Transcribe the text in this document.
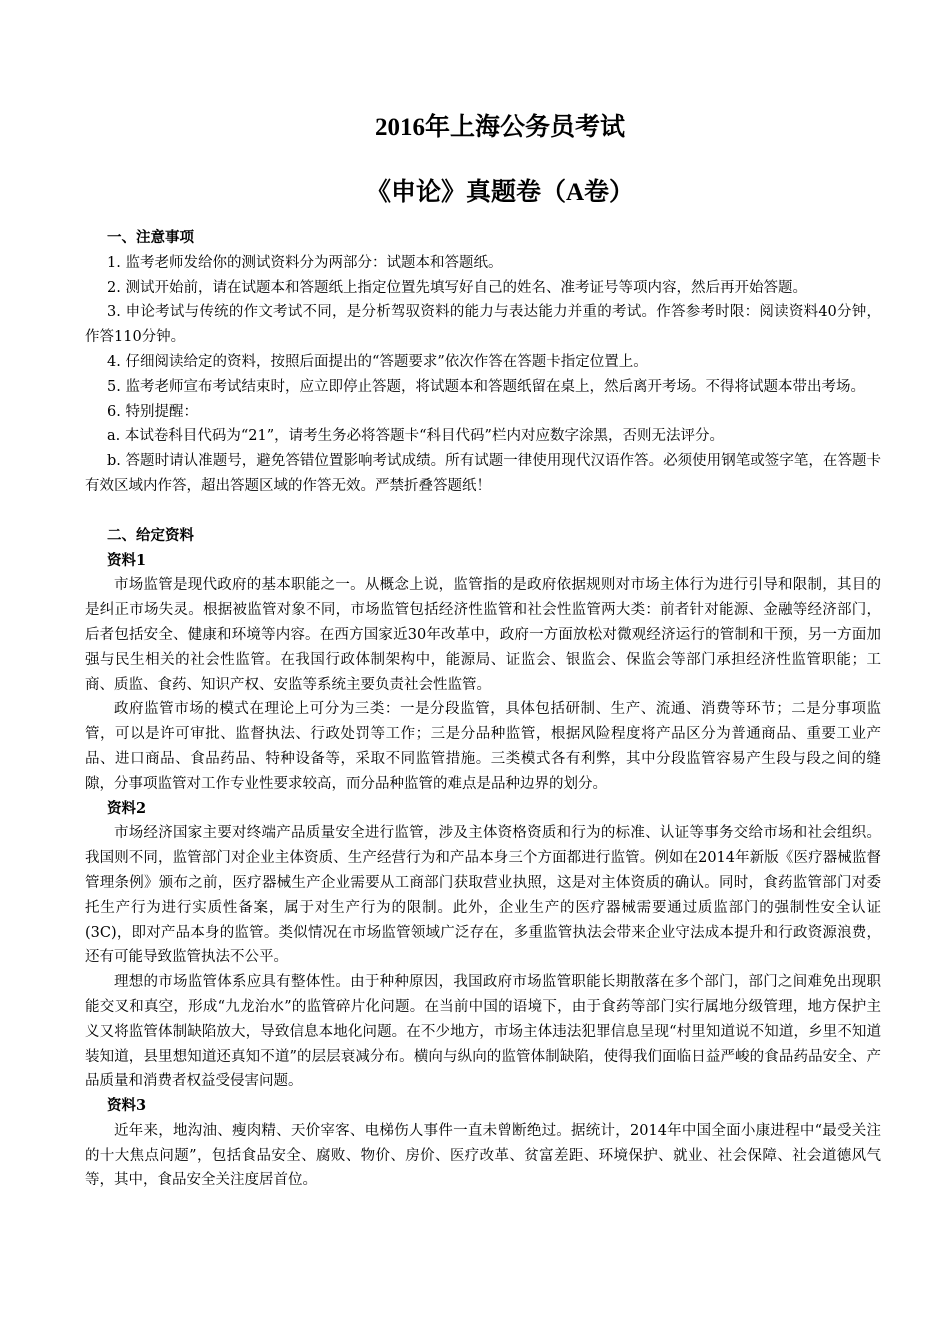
2016年上海公务员考试
《申论》真题卷（A卷）

一、注意事项

1. 监考老师发给你的测试资料分为两部分：试题本和答题纸。

2. 测试开始前，请在试题本和答题纸上指定位置先填写好自己的姓名、准考证号等项内容，然后再开始答题。

3. 申论考试与传统的作文考试不同，是分析驾驭资料的能力与表达能力并重的考试。作答参考时限：阅读资料40分钟，作答110分钟。

4. 仔细阅读给定的资料，按照后面提出的“答题要求”依次作答在答题卡指定位置上。

5. 监考老师宣布考试结束时，应立即停止答题，将试题本和答题纸留在桌上，然后离开考场。不得将试题本带出考场。

6. 特别提醒：

a. 本试卷科目代码为“21”，请考生务必将答题卡“科目代码”栏内对应数字涂黑，否则无法评分。

b. 答题时请认准题号，避免答错位置影响考试成绩。所有试题一律使用现代汉语作答。必须使用钢笔或签字笔，在答题卡有效区域内作答，超出答题区域的作答无效。严禁折叠答题纸！

二、给定资料

资料1

市场监管是现代政府的基本职能之一。从概念上说，监管指的是政府依据规则对市场主体行为进行引导和限制，其目的是纠正市场失灵。根据被监管对象不同，市场监管包括经济性监管和社会性监管两大类：前者针对能源、金融等经济部门，后者包括安全、健康和环境等内容。在西方国家近30年改革中，政府一方面放松对微观经济运行的管制和干预，另一方面加强与民生相关的社会性监管。在我国行政体制架构中，能源局、证监会、银监会、保监会等部门承担经济性监管职能；工商、质监、食药、知识产权、安监等系统主要负责社会性监管。

政府监管市场的模式在理论上可分为三类：一是分段监管，具体包括研制、生产、流通、消费等环节；二是分事项监管，可以是许可审批、监督执法、行政处罚等工作；三是分品种监管，根据风险程度将产品区分为普通商品、重要工业产品、进口商品、食品药品、特种设备等，采取不同监管措施。三类模式各有利弊，其中分段监管容易产生段与段之间的缝隙，分事项监管对工作专业性要求较高，而分品种监管的难点是品种边界的划分。

资料2

市场经济国家主要对终端产品质量安全进行监管，涉及主体资格资质和行为的标准、认证等事务交给市场和社会组织。我国则不同，监管部门对企业主体资质、生产经营行为和产品本身三个方面都进行监管。例如在2014年新版《医疗器械监督管理条例》颁布之前，医疗器械生产企业需要从工商部门获取营业执照，这是对主体资质的确认。同时，食药监管部门对委托生产行为进行实质性备案，属于对生产行为的限制。此外，企业生产的医疗器械需要通过质监部门的强制性安全认证(3C)，即对产品本身的监管。类似情况在市场监管领域广泛存在，多重监管执法会带来企业守法成本提升和行政资源浪费，还有可能导致监管执法不公平。

理想的市场监管体系应具有整体性。由于种种原因，我国政府市场监管职能长期散落在多个部门，部门之间难免出现职能交叉和真空，形成“九龙治水”的监管碎片化问题。在当前中国的语境下，由于食药等部门实行属地分级管理，地方保护主义又将监管体制缺陷放大，导致信息本地化问题。在不少地方，市场主体违法犯罪信息呈现“村里知道说不知道，乡里不知道装知道，县里想知道还真知不道”的层层衰减分布。横向与纵向的监管体制缺陷，使得我们面临日益严峻的食品药品安全、产品质量和消费者权益受侵害问题。

资料3

近年来，地沟油、瘦肉精、天价宰客、电梯伤人事件一直未曾断绝过。据统计，2014年中国全面小康进程中“最受关注的十大焦点问题”，包括食品安全、腐败、物价、房价、医疗改革、贫富差距、环境保护、就业、社会保障、社会道德风气等，其中，食品安全关注度居首位。
